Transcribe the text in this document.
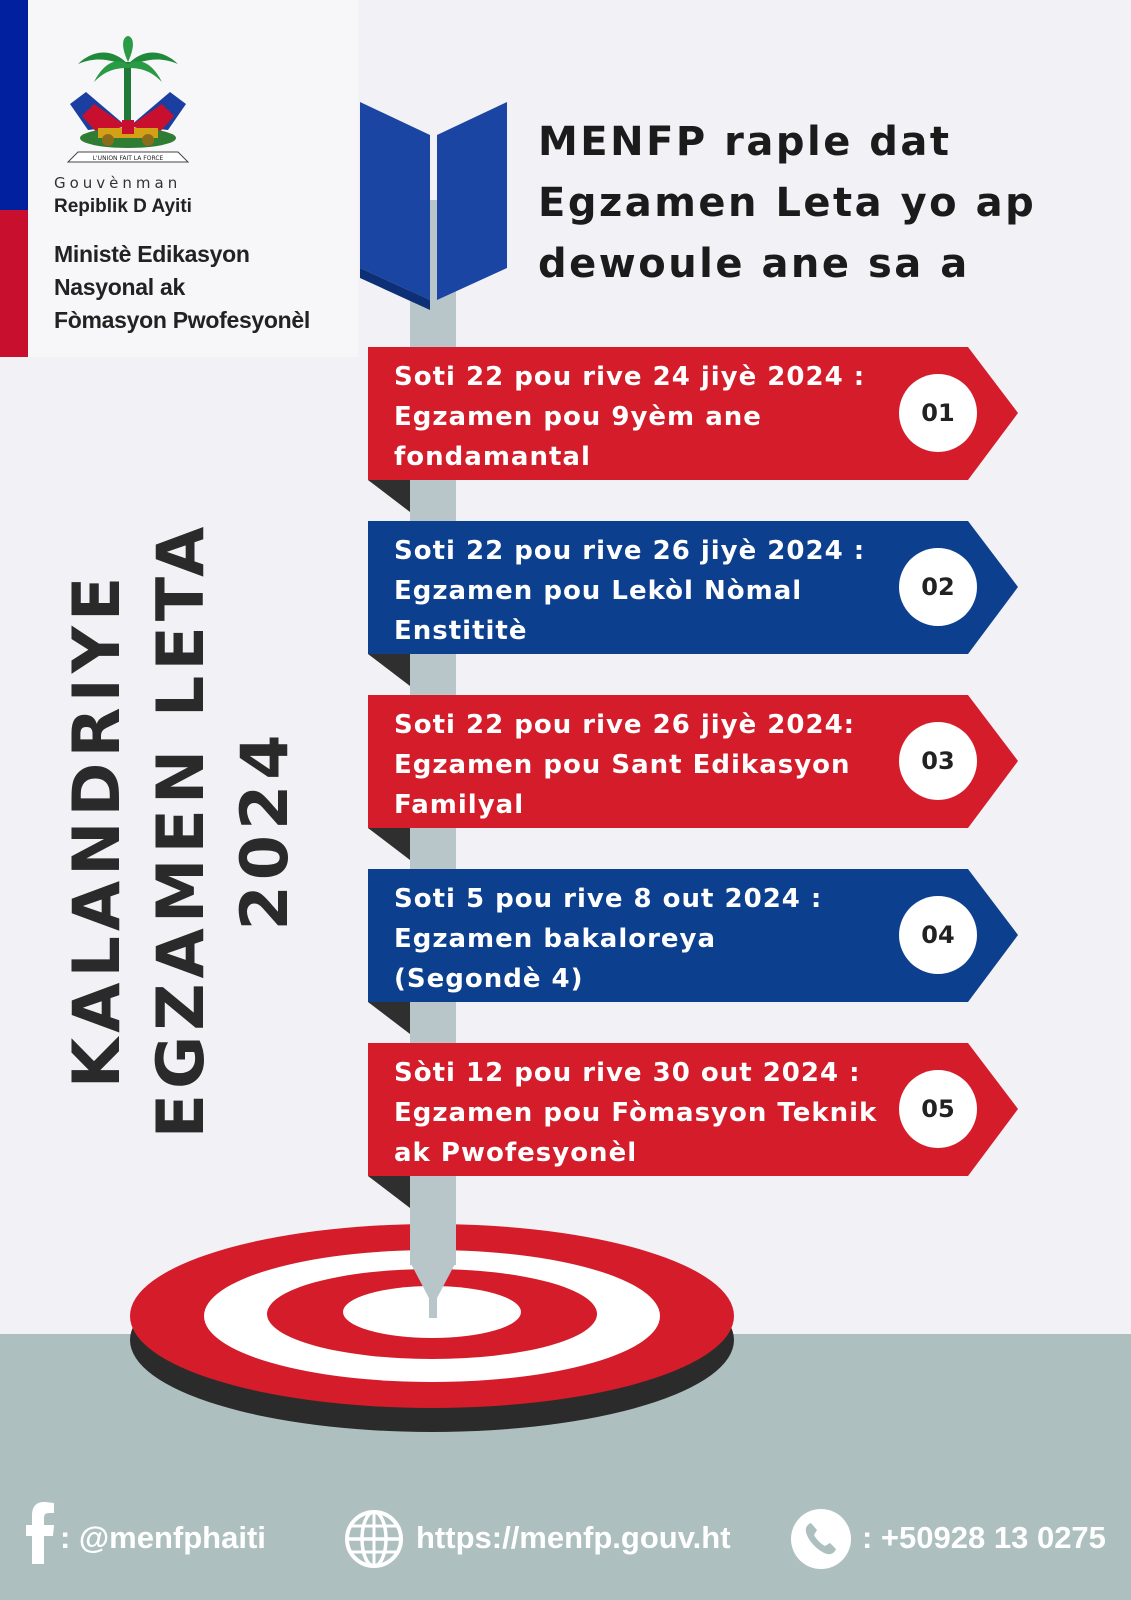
L'UNION FAIT LA FORCE
Gouvènman
Repiblik D Ayiti
Ministè Edikasyon
Nasyonal ak
Fòmasyon Pwofesyonèl
MENFP raple dat
Egzamen Leta yo ap
dewoule ane sa a
KALANDRIYE EGZAMEN LETA 2024
Soti 22 pou rive 24 jiyè 2024 :
Egzamen pou 9yèm ane
fondamantal
01
Soti 22 pou rive 26 jiyè 2024 :
Egzamen pou Lekòl Nòmal
Enstititè
02
Soti 22 pou rive 26 jiyè 2024:
Egzamen pou Sant Edikasyon
Familyal
03
Soti 5 pou rive 8 out 2024 :
Egzamen bakaloreya
(Segondè 4)
04
Sòti 12 pou rive 30 out 2024 :
Egzamen pou Fòmasyon Teknik
ak Pwofesyonèl
05
: @menfphaiti	https://menfp.gouv.ht	: +50928 13 0275
